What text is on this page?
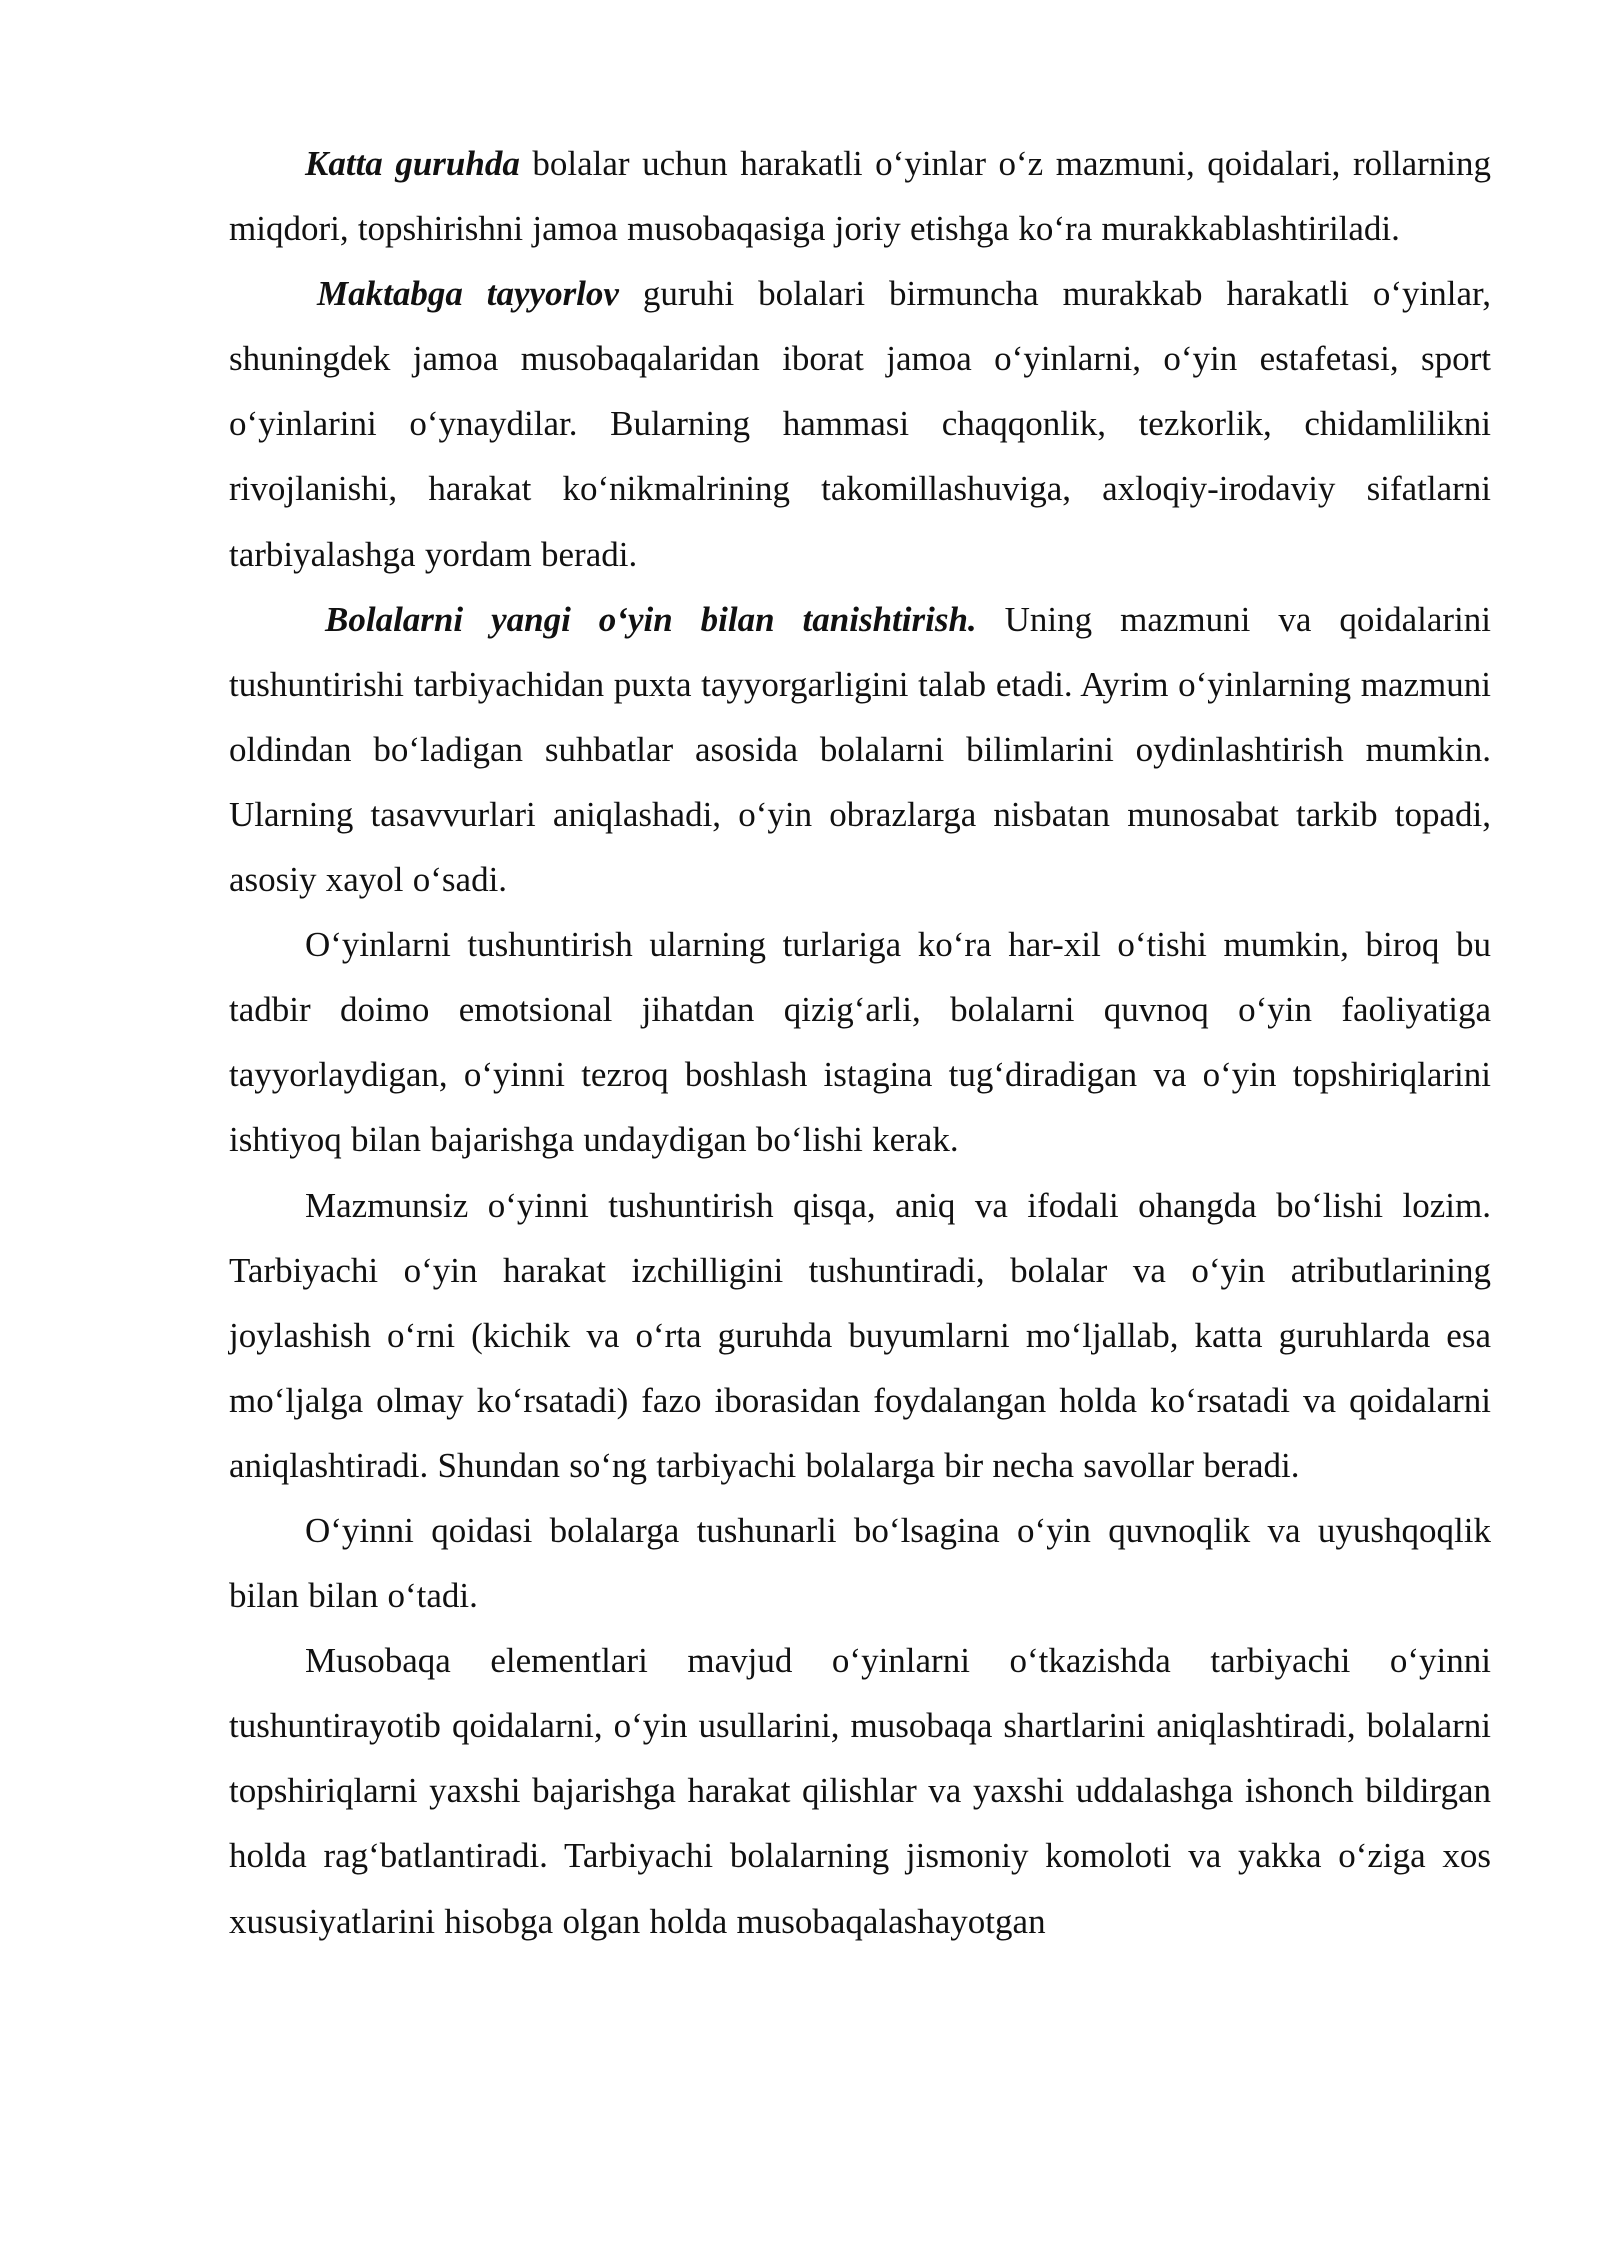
Katta guruhda bolalar uchun harakatli o‘yinlar o‘z mazmuni, qoidalari, rollarning miqdori, topshirishni jamoa musobaqasiga joriy etishga ko‘ra murakkablashtiriladi.

Maktabga tayyorlov guruhi bolalari birmuncha murakkab harakatli o‘yinlar, shuningdek jamoa musobaqalaridan iborat jamoa o‘yinlarni, o‘yin estafetasi, sport o‘yinlarini o‘ynaydilar. Bularning hammasi chaqqonlik, tezkorlik, chidamlilikni rivojlanishi, harakat ko‘nikmalrining takomillashuviga, axloqiy-irodaviy sifatlarni tarbiyalashga yordam beradi.

Bolalarni yangi o‘yin bilan tanishtirish. Uning mazmuni va qoidalarini tushuntirishi tarbiyachidan puxta tayyorgarligini talab etadi. Ayrim o‘yinlarning mazmuni oldindan bo‘ladigan suhbatlar asosida bolalarni bilimlarini oydinlashtirish mumkin. Ularning tasavvurlari aniqlashadi, o‘yin obrazlarga nisbatan munosabat tarkib topadi, asosiy xayol o‘sadi.

O‘yinlarni tushuntirish ularning turlariga ko‘ra har-xil o‘tishi mumkin, biroq bu tadbir doimo emotsional jihatdan qizig‘arli, bolalarni quvnoq o‘yin faoliyatiga tayyorlaydigan, o‘yinni tezroq boshlash istagina tug‘diradigan va o‘yin topshiriqlarini ishtiyoq bilan bajarishga undaydigan bo‘lishi kerak.

Mazmunsiz o‘yinni tushuntirish qisqa, aniq va ifodali ohangda bo‘lishi lozim. Tarbiyachi o‘yin harakat izchilligini tushuntiradi, bolalar va o‘yin atributlarining joylashish o‘rni (kichik va o‘rta guruhda buyumlarni mo‘ljallab, katta guruhlarda esa mo‘ljalga olmay ko‘rsatadi) fazo iborasidan foydalangan holda ko‘rsatadi va qoidalarni aniqlashtiradi. Shundan so‘ng tarbiyachi bolalarga bir necha savollar beradi.

O‘yinni qoidasi bolalarga tushunarli bo‘lsagina o‘yin quvnoqlik va uyushqoqlik bilan bilan o‘tadi.

Musobaqa elementlari mavjud o‘yinlarni o‘tkazishda tarbiyachi o‘yinni tushuntirayotib qoidalarni, o‘yin usullarini, musobaqa shartlarini aniqlashtiradi, bolalarni topshiriqlarni yaxshi bajarishga harakat qilishlar va yaxshi uddalashga ishonch bildirgan holda rag‘batlantiradi. Tarbiyachi bolalarning jismoniy komoloti va yakka o‘ziga xos xususiyatlarini hisobga olgan holda musobaqalashayotgan
